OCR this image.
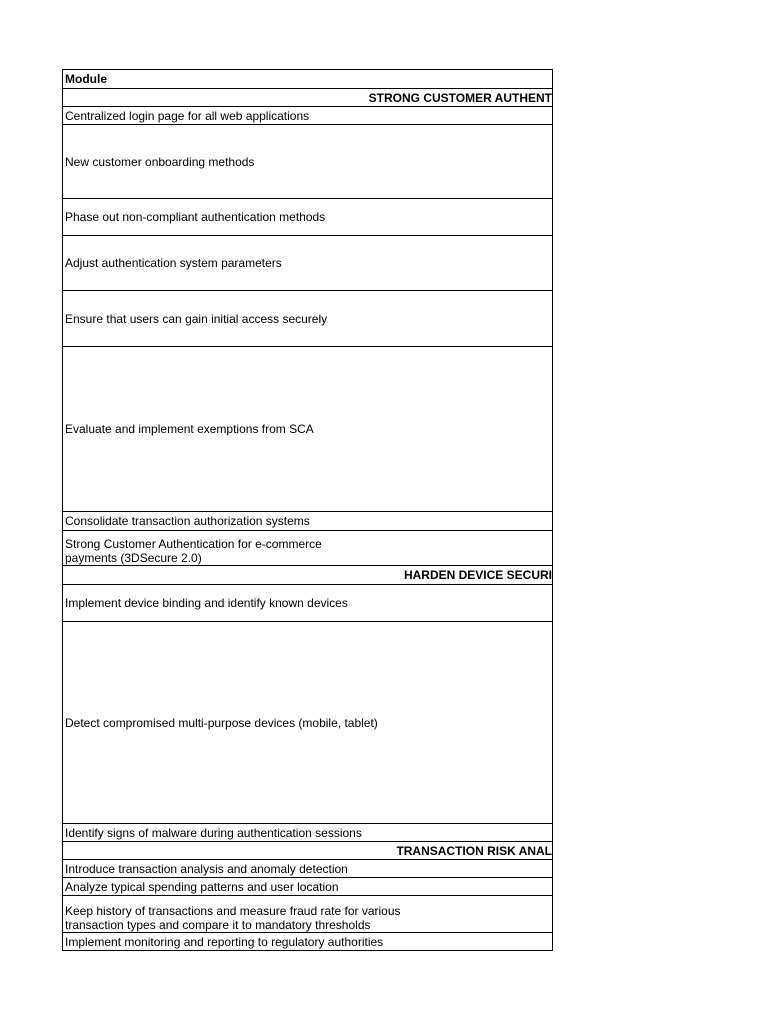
Module
STRONG CUSTOMER AUTHENT
Centralized login page for all web applications
New customer onboarding methods
Phase out non-compliant authentication methods
Adjust authentication system parameters
Ensure that users can gain initial access securely
Evaluate and implement exemptions from SCA
Consolidate transaction authorization systems
Strong Customer Authentication for e-commerce payments (3DSecure 2.0)
HARDEN DEVICE SECURI
Implement device binding and identify known devices
Detect compromised multi-purpose devices (mobile, tablet)
Identify signs of malware during authentication sessions
TRANSACTION RISK ANAL
Introduce transaction analysis and anomaly detection
Analyze typical spending patterns and user location
Keep history of transactions and measure fraud rate for various transaction types and compare it to mandatory thresholds
Implement monitoring and reporting to regulatory authorities
